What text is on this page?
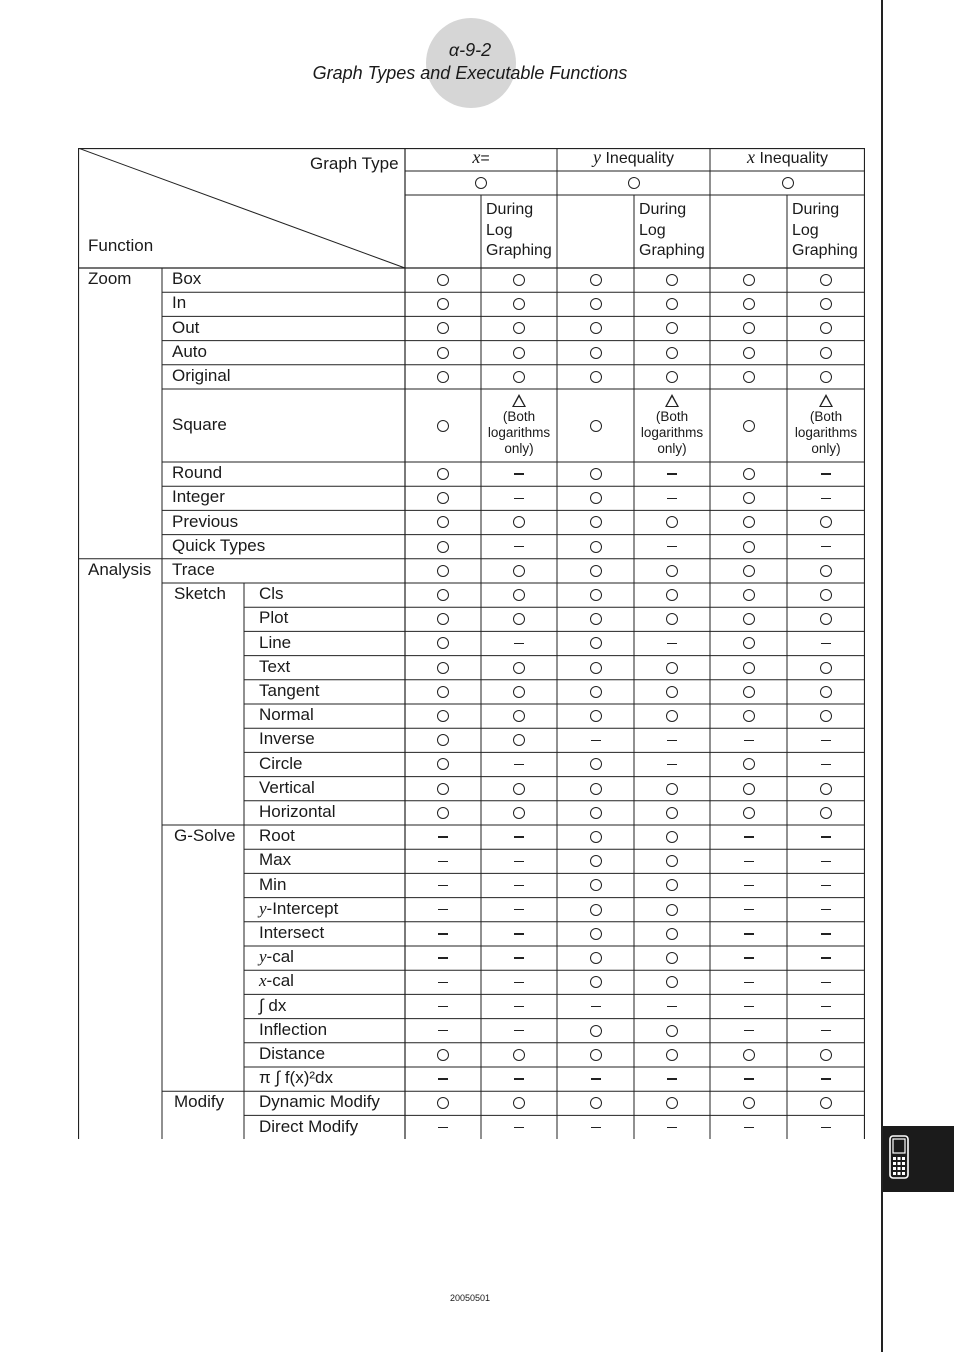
α-9-2
Graph Types and Executable Functions
Graph Type
Function
x=
During
Log
Graphing
y Inequality
During
Log
Graphing
x Inequality
During
Log
Graphing
Zoom Box
In
Out
Auto
Original
Square	(Both
logarithms
only)
(Both
logarithms
only)
(Both
logarithms
only)
Round
Integer
Previous
Quick Types
Analysis Trace
Sketch Cls
Plot
Line
Text
Tangent
Normal
Inverse
Circle
Vertical
Horizontal
G-Solve Root
Max
Min
y-Intercept
Intersect
y-cal
x-cal
∫ dx
Inflection
Distance
π ∫ f(x)²dx
Modify Dynamic Modify
Direct Modify
20050501
